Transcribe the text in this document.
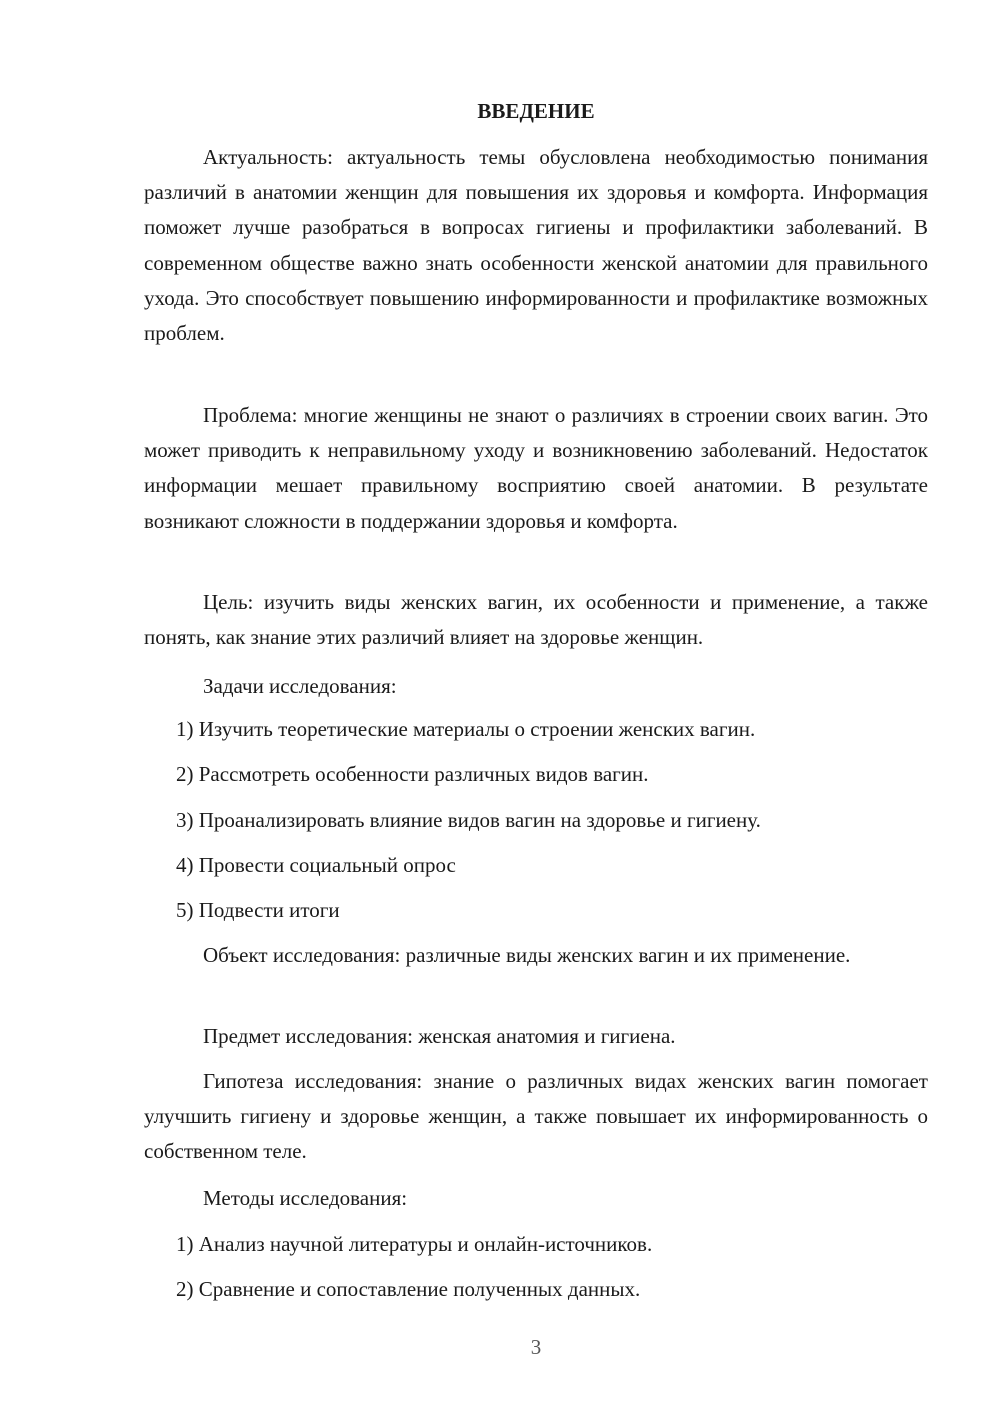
ВВЕДЕНИЕ

Актуальность: актуальность темы обусловлена необходимостью понимания различий в анатомии женщин для повышения их здоровья и комфорта. Информация поможет лучше разобраться в вопросах гигиены и профилактики заболеваний. В современном обществе важно знать особенности женской анатомии для правильного ухода. Это способствует повышению информированности и профилактике возможных проблем.

Проблема: многие женщины не знают о различиях в строении своих вагин. Это может приводить к неправильному уходу и возникновению заболеваний. Недостаток информации мешает правильному восприятию своей анатомии. В результате возникают сложности в поддержании здоровья и комфорта.

Цель: изучить виды женских вагин, их особенности и применение, а также понять, как знание этих различий влияет на здоровье женщин.

Задачи исследования:

1) Изучить теоретические материалы о строении женских вагин.

2) Рассмотреть особенности различных видов вагин.

3) Проанализировать влияние видов вагин на здоровье и гигиену.

4) Провести социальный опрос

5) Подвести итоги

Объект исследования: различные виды женских вагин и их применение.

Предмет исследования: женская анатомия и гигиена.

Гипотеза исследования: знание о различных видах женских вагин помогает улучшить гигиену и здоровье женщин, а также повышает их информированность о собственном теле.

Методы исследования:

1) Анализ научной литературы и онлайн-источников.

2) Сравнение и сопоставление полученных данных.

3
